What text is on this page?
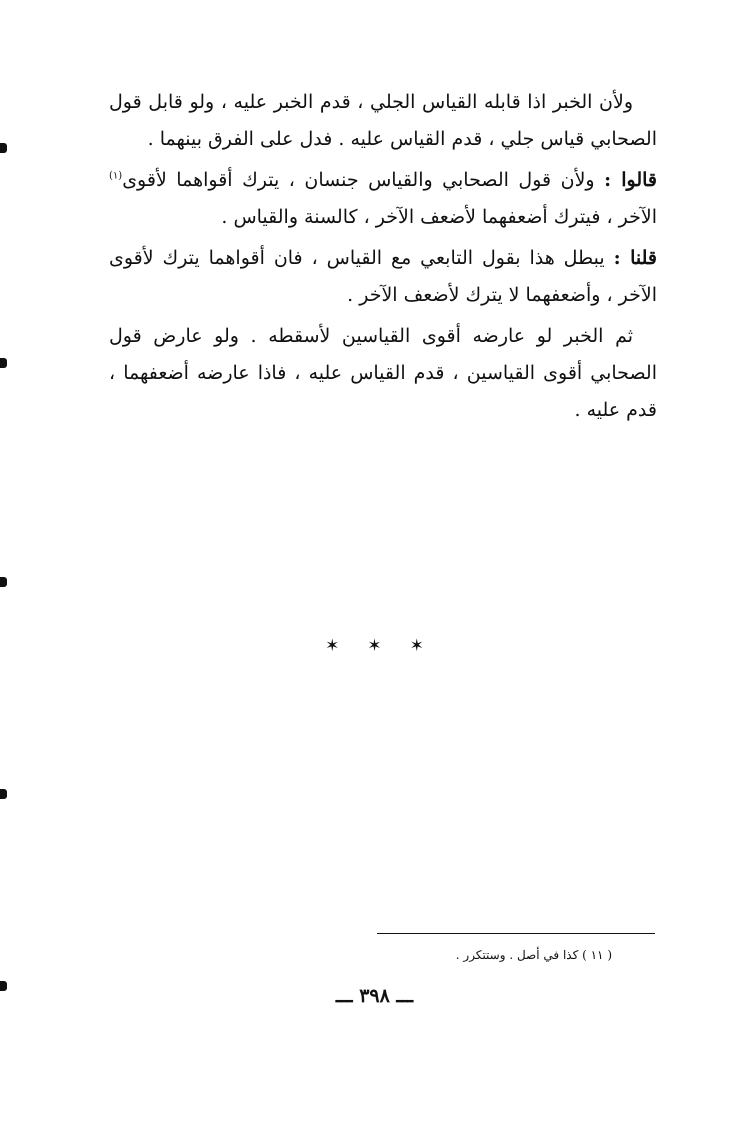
ولأن الخبر اذا قابله القياس الجلي ، قدم الخبر عليه ، ولو قابل قول الصحابي قياس جلي ، قدم القياس عليه . فدل على الفرق بينهما .

قالوا : ولأن قول الصحابي والقياس جنسان ، يترك أقواهما لأقوى$^{(١)}$ الآخر ، فيترك أضعفهما لأضعف الآخر ، كالسنة والقياس .

قلنا : يبطل هذا بقول التابعي مع القياس ، فان أقواهما يترك لأقوى الآخر ، وأضعفهما لا يترك لأضعف الآخر .

ثم الخبر لو عارضه أقوى القياسين لأسقطه . ولو عارض قول الصحابي أقوى القياسين ، قدم القياس عليه ، فاذا عارضه أضعفهما ، قدم عليه .

✶ ✶ ✶
( ١١ ) كذا في أصل . وستتكرر .
ـــ ٣٩٨ ـــ
